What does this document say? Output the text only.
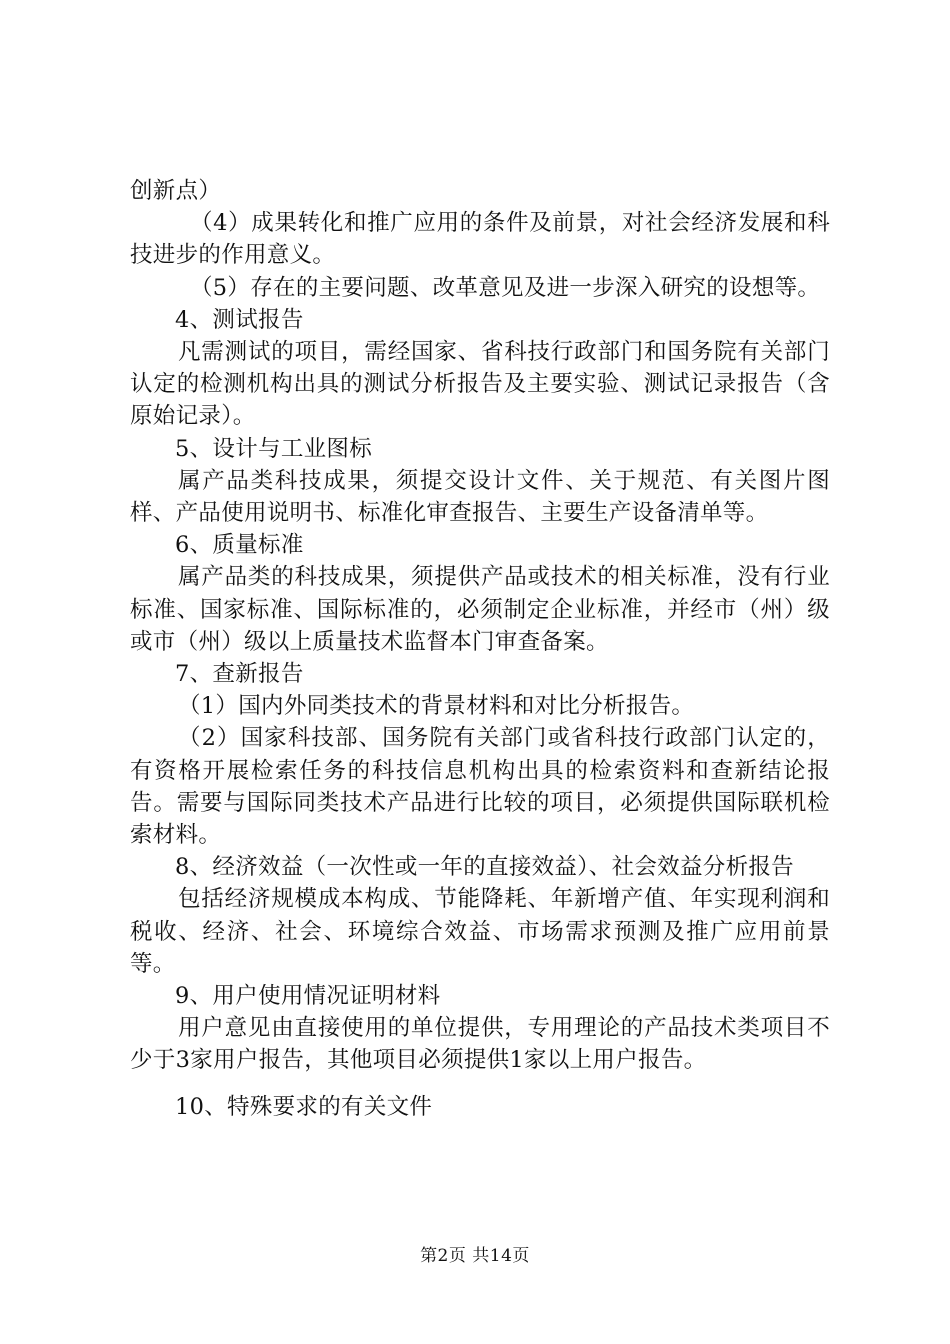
创新点）

（4）成果转化和推广应用的条件及前景，对社会经济发展和科技进步的作用意义。

（5）存在的主要问题、改革意见及进一步深入研究的设想等。

4、测试报告

凡需测试的项目，需经国家、省科技行政部门和国务院有关部门认定的检测机构出具的测试分析报告及主要实验、测试记录报告（含原始记录）。

5、设计与工业图标

属产品类科技成果，须提交设计文件、关于规范、有关图片图样、产品使用说明书、标准化审查报告、主要生产设备清单等。

6、质量标准

属产品类的科技成果，须提供产品或技术的相关标准，没有行业标准、国家标准、国际标准的，必须制定企业标准，并经市（州）级或市（州）级以上质量技术监督本门审查备案。

7、查新报告

（1）国内外同类技术的背景材料和对比分析报告。

（2）国家科技部、国务院有关部门或省科技行政部门认定的，有资格开展检索任务的科技信息机构出具的检索资料和查新结论报告。需要与国际同类技术产品进行比较的项目，必须提供国际联机检索材料。

8、经济效益（一次性或一年的直接效益）、社会效益分析报告

包括经济规模成本构成、节能降耗、年新增产值、年实现利润和税收、经济、社会、环境综合效益、市场需求预测及推广应用前景等。

9、用户使用情况证明材料

用户意见由直接使用的单位提供，专用理论的产品技术类项目不少于3家用户报告，其他项目必须提供1家以上用户报告。

10、特殊要求的有关文件

第2页 共14页
